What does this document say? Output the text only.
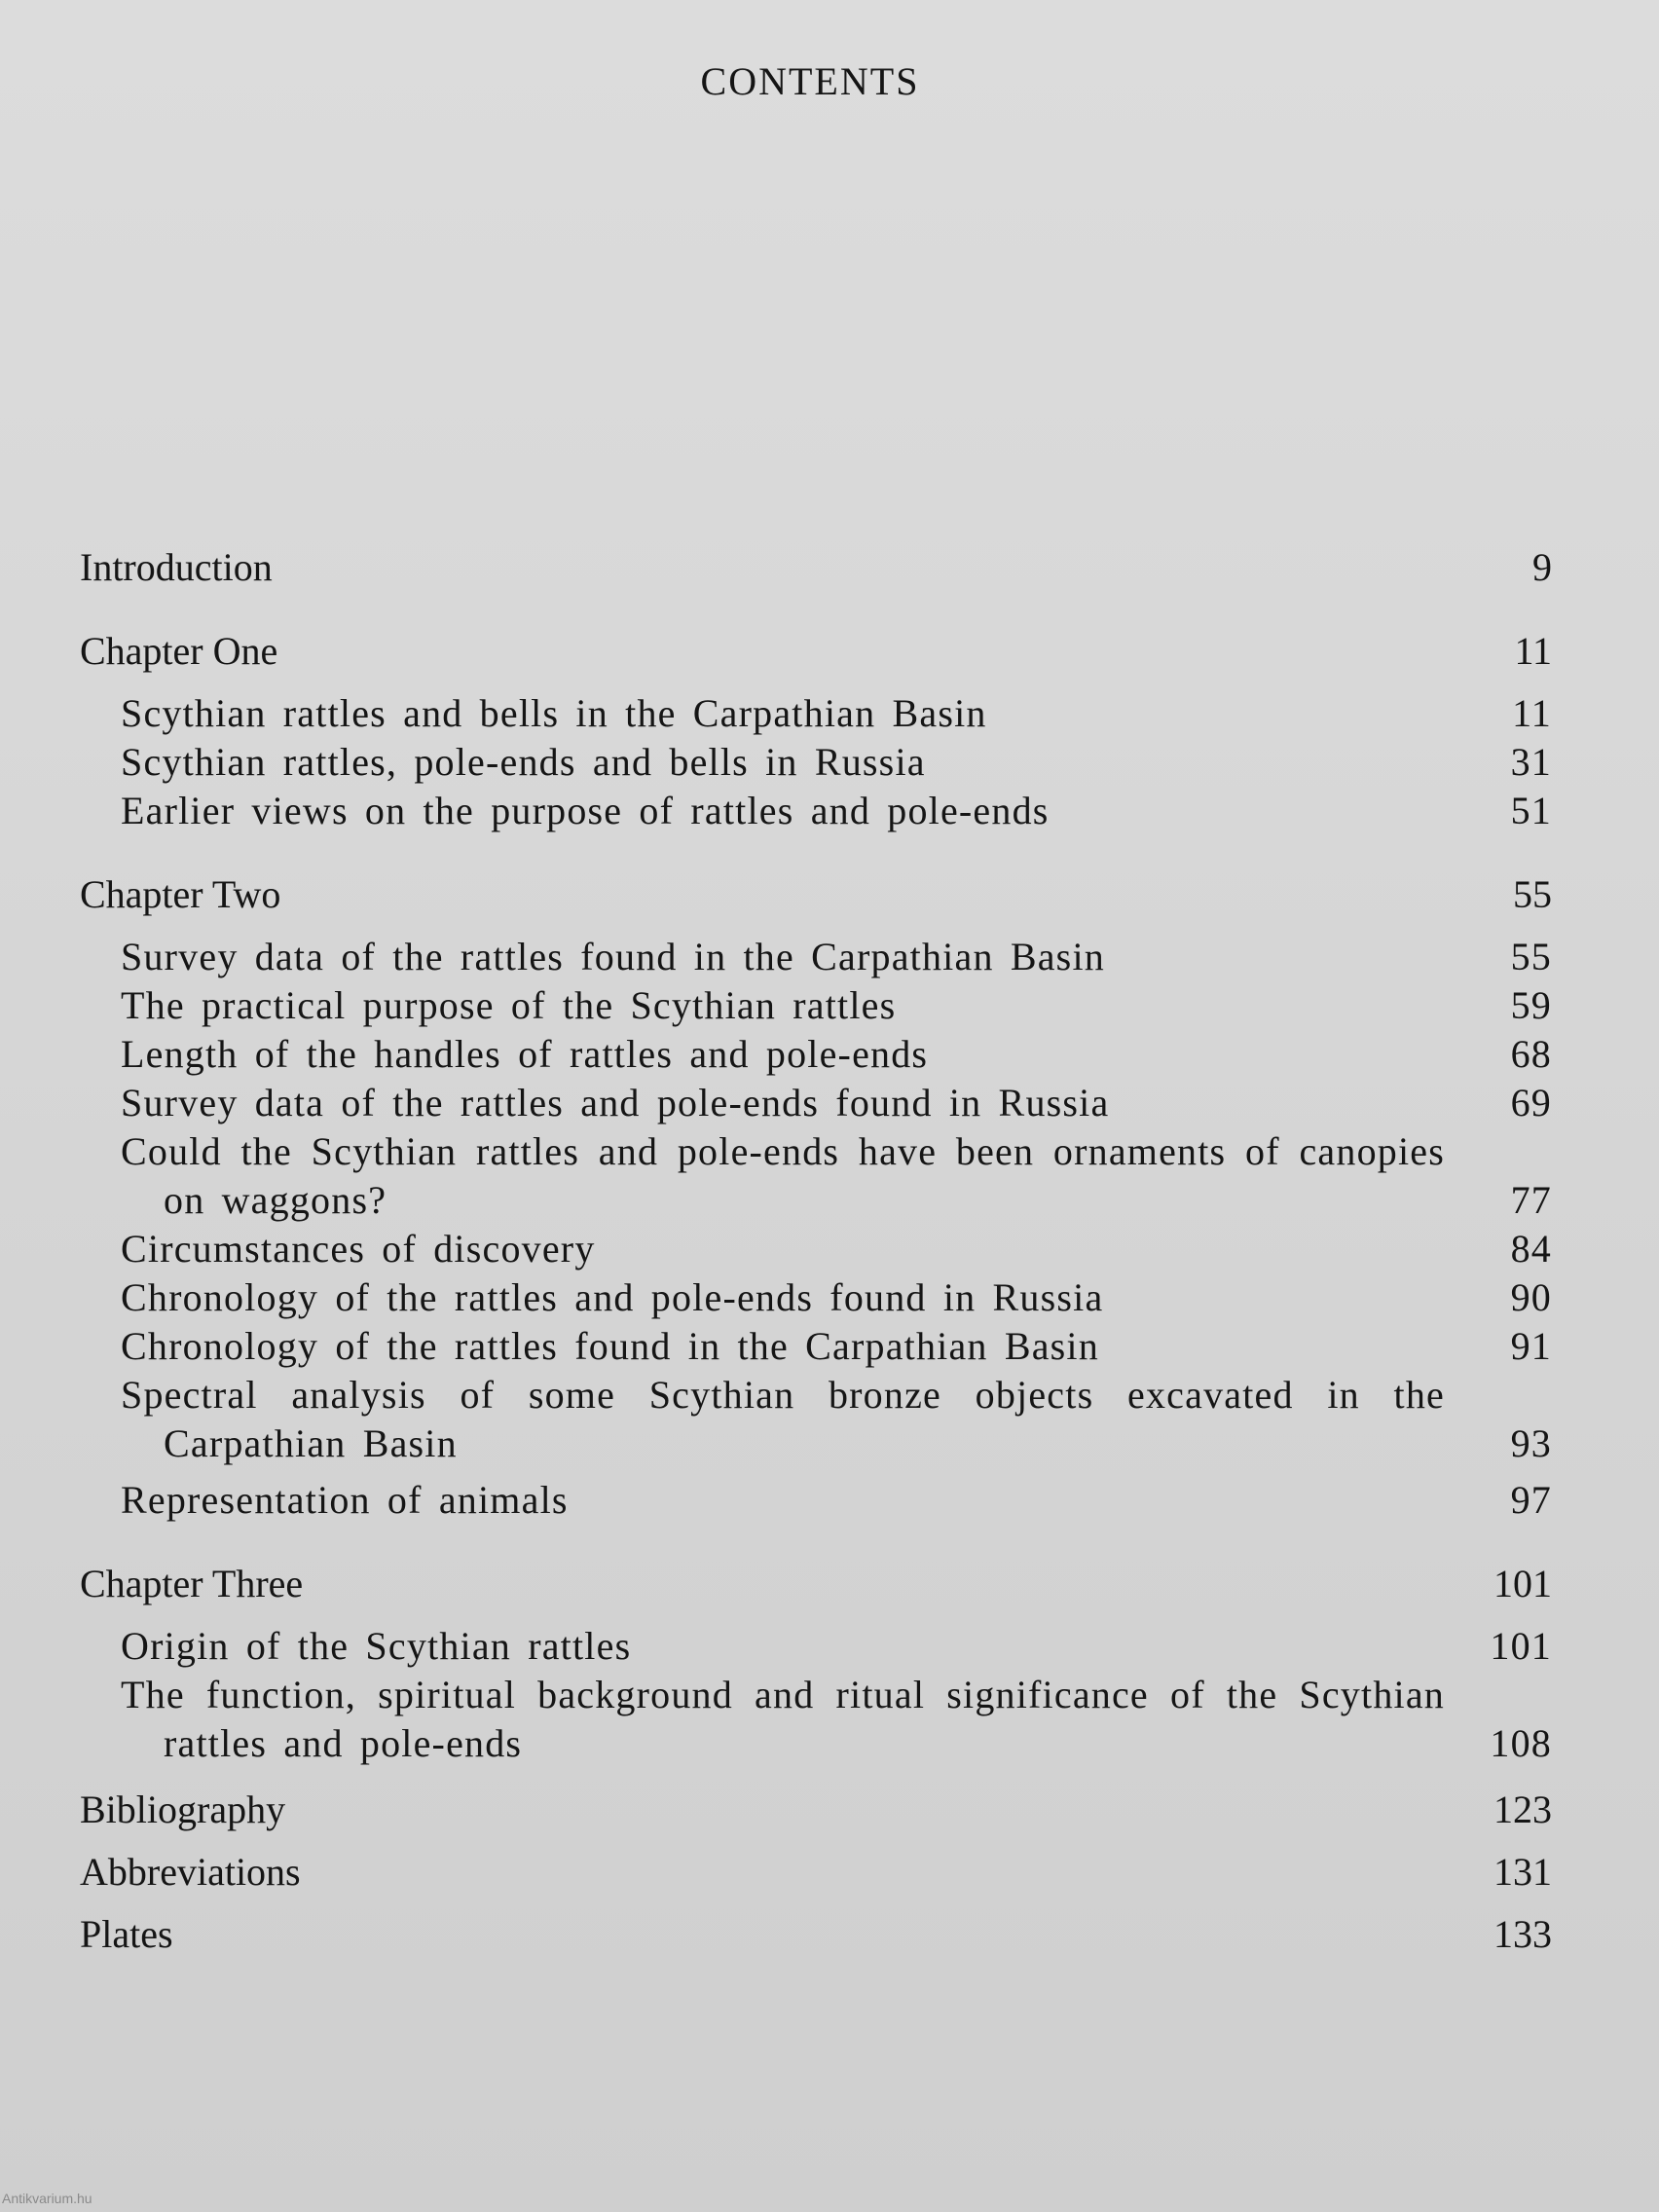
CONTENTS
Introduction	9
Chapter One	11
Scythian rattles and bells in the Carpathian Basin	11
Scythian rattles, pole-ends and bells in Russia	31
Earlier views on the purpose of rattles and pole-ends	51
Chapter Two	55
Survey data of the rattles found in the Carpathian Basin	55
The practical purpose of the Scythian rattles	59
Length of the handles of rattles and pole-ends	68
Survey data of the rattles and pole-ends found in Russia	69
Could the Scythian rattles and pole-ends have been ornaments of canopies
on waggons?	77
Circumstances of discovery	84
Chronology of the rattles and pole-ends found in Russia	90
Chronology of the rattles found in the Carpathian Basin	91
Spectral analysis of some Scythian bronze objects excavated in the
Carpathian Basin	93
Representation of animals	97
Chapter Three	101
Origin of the Scythian rattles	101
The function, spiritual background and ritual significance of the Scythian
rattles and pole-ends	108
Bibliography	123
Abbreviations	131
Plates	133
Antikvarium.hu
